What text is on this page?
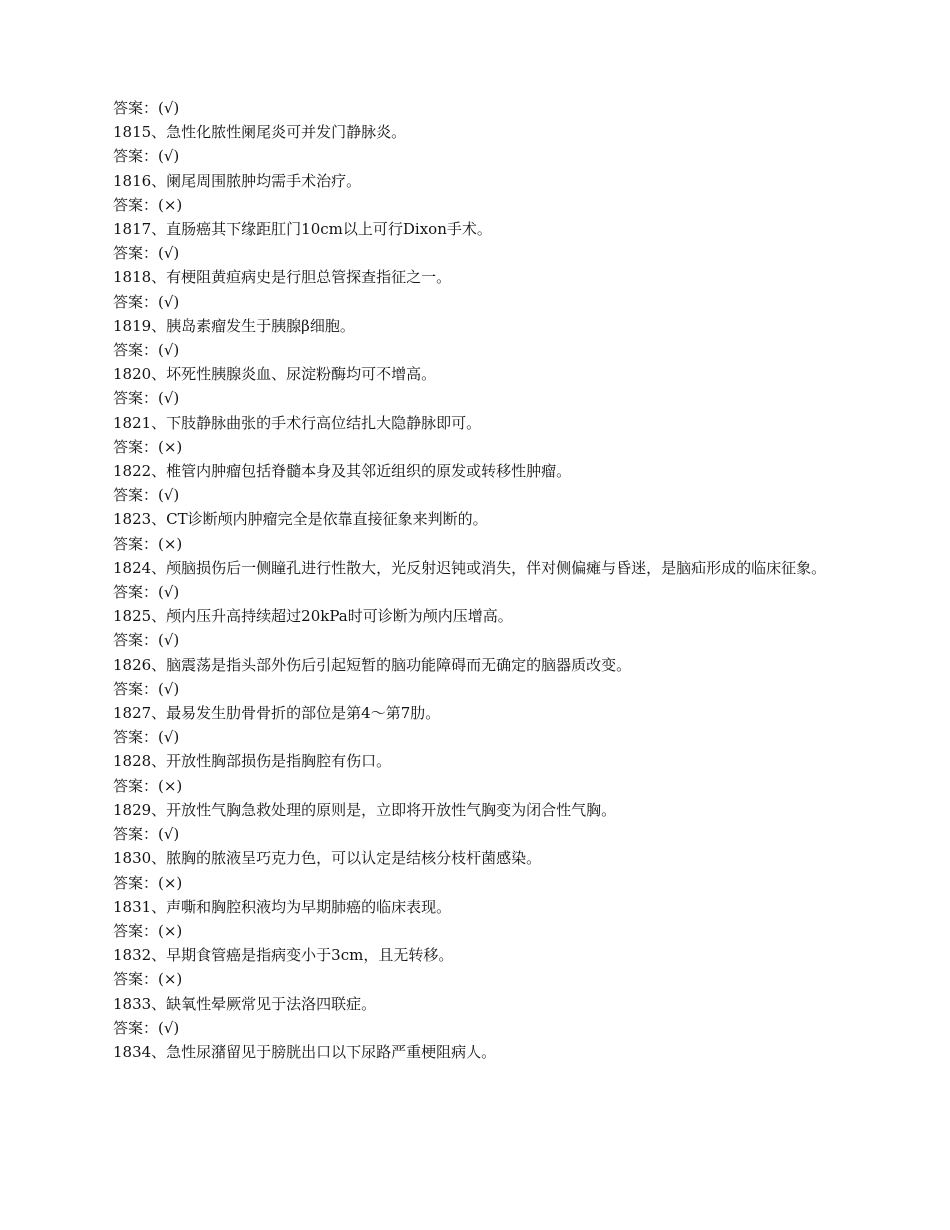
答案：(√)

1815、急性化脓性阑尾炎可并发门静脉炎。

答案：(√)

1816、阑尾周围脓肿均需手术治疗。

答案：(×)

1817、直肠癌其下缘距肛门10cm以上可行Dixon手术。

答案：(√)

1818、有梗阻黄疸病史是行胆总管探查指征之一。

答案：(√)

1819、胰岛素瘤发生于胰腺β细胞。

答案：(√)

1820、坏死性胰腺炎血、尿淀粉酶均可不增高。

答案：(√)

1821、下肢静脉曲张的手术行高位结扎大隐静脉即可。

答案：(×)

1822、椎管内肿瘤包括脊髓本身及其邻近组织的原发或转移性肿瘤。

答案：(√)

1823、CT诊断颅内肿瘤完全是依靠直接征象来判断的。

答案：(×)

1824、颅脑损伤后一侧瞳孔进行性散大，光反射迟钝或消失，伴对侧偏瘫与昏迷，是脑疝形成的临床征象。

答案：(√)

1825、颅内压升高持续超过20kPa时可诊断为颅内压增高。

答案：(√)

1826、脑震荡是指头部外伤后引起短暂的脑功能障碍而无确定的脑器质改变。

答案：(√)

1827、最易发生肋骨骨折的部位是第4～第7肋。

答案：(√)

1828、开放性胸部损伤是指胸腔有伤口。

答案：(×)

1829、开放性气胸急救处理的原则是，立即将开放性气胸变为闭合性气胸。

答案：(√)

1830、脓胸的脓液呈巧克力色，可以认定是结核分枝杆菌感染。

答案：(×)

1831、声嘶和胸腔积液均为早期肺癌的临床表现。

答案：(×)

1832、早期食管癌是指病变小于3cm，且无转移。

答案：(×)

1833、缺氧性晕厥常见于法洛四联症。

答案：(√)

1834、急性尿潴留见于膀胱出口以下尿路严重梗阻病人。
